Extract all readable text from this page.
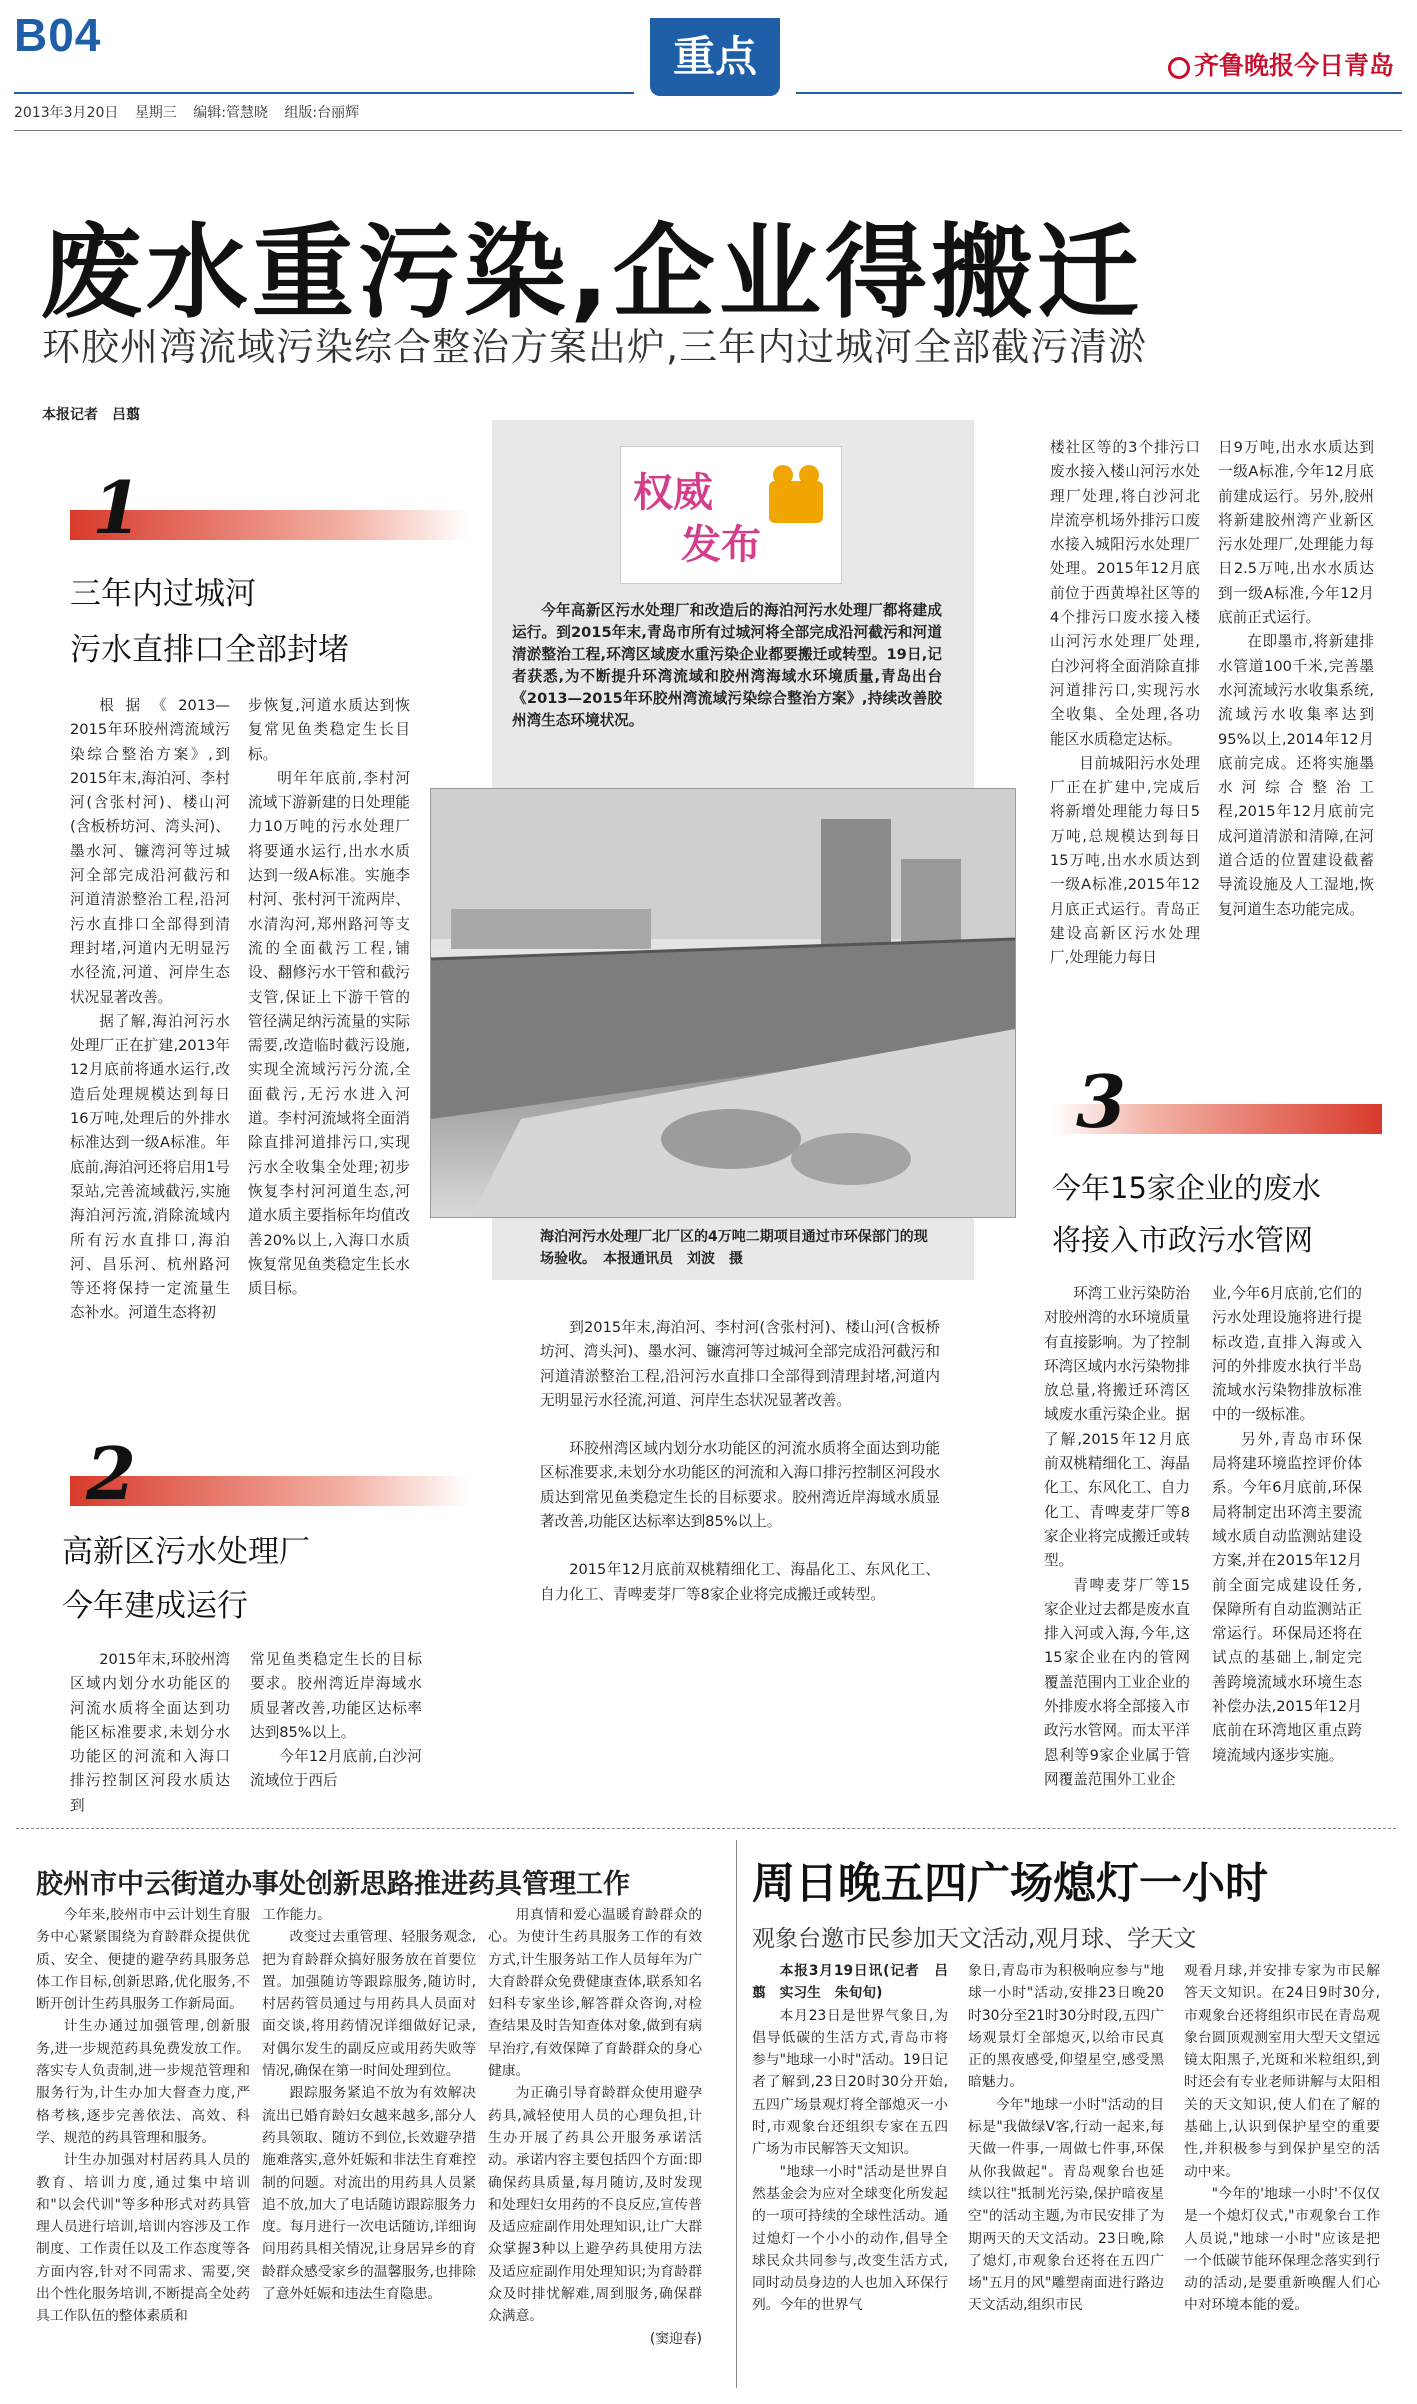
B04
2013年3月20日 星期三 编辑:管慧晓 组版:台丽辉
重点	齐鲁晚报今日青岛
废水重污染,企业得搬迁
环胶州湾流域污染综合整治方案出炉,三年内过城河全部截污清淤
本报记者　吕翦
1
三年内过城河
污水直排口全部封堵

根据《2013—2015年环胶州湾流域污染综合整治方案》,到2015年末,海泊河、李村河(含张村河)、楼山河(含板桥坊河、湾头河)、墨水河、镰湾河等过城河全部完成沿河截污和河道清淤整治工程,沿河污水直排口全部得到清理封堵,河道内无明显污水径流,河道、河岸生态状况显著改善。

据了解,海泊河污水处理厂正在扩建,2013年12月底前将通水运行,改造后处理规模达到每日16万吨,处理后的外排水标准达到一级A标准。年底前,海泊河还将启用1号泵站,完善流域截污,实施海泊河污流,消除流域内所有污水直排口,海泊河、昌乐河、杭州路河等还将保持一定流量生态补水。河道生态将初

步恢复,河道水质达到恢复常见鱼类稳定生长目标。

明年年底前,李村河流域下游新建的日处理能力10万吨的污水处理厂将要通水运行,出水水质达到一级A标准。实施李村河、张村河干流两岸、水清沟河,郑州路河等支流的全面截污工程,铺设、翻修污水干管和截污支管,保证上下游干管的管径满足纳污流量的实际需要,改造临时截污设施,实现全流域污污分流,全面截污,无污水进入河道。李村河流域将全面消除直排河道排污口,实现污水全收集全处理;初步恢复李村河河道生态,河道水质主要指标年均值改善20%以上,入海口水质恢复常见鱼类稳定生长水质目标。

2
高新区污水处理厂
今年建成运行

2015年末,环胶州湾区域内划分水功能区的河流水质将全面达到功能区标准要求,未划分水功能区的河流和入海口排污控制区河段水质达到

常见鱼类稳定生长的目标要求。胶州湾近岸海域水质显著改善,功能区达标率达到85%以上。

今年12月底前,白沙河流域位于西后

权威
发布

今年高新区污水处理厂和改造后的海泊河污水处理厂都将建成运行。到2015年末,青岛市所有过城河将全部完成沿河截污和河道清淤整治工程,环湾区域废水重污染企业都要搬迁或转型。19日,记者获悉,为不断提升环湾流域和胶州湾海域水环境质量,青岛出台《2013—2015年环胶州湾流域污染综合整治方案》,持续改善胶州湾生态环境状况。

海泊河污水处理厂北厂区的4万吨二期项目通过市环保部门的现场验收。　本报通讯员　刘波　摄

到2015年末,海泊河、李村河(含张村河)、楼山河(含板桥坊河、湾头河)、墨水河、镰湾河等过城河全部完成沿河截污和河道清淤整治工程,沿河污水直排口全部得到清理封堵,河道内无明显污水径流,河道、河岸生态状况显著改善。

环胶州湾区域内划分水功能区的河流水质将全面达到功能区标准要求,未划分水功能区的河流和入海口排污控制区河段水质达到常见鱼类稳定生长的目标要求。胶州湾近岸海域水质显著改善,功能区达标率达到85%以上。

2015年12月底前双桃精细化工、海晶化工、东风化工、自力化工、青啤麦芽厂等8家企业将完成搬迁或转型。

楼社区等的3个排污口废水接入楼山河污水处理厂处理,将白沙河北岸流亭机场外排污口废水接入城阳污水处理厂处理。2015年12月底前位于西黄埠社区等的4个排污口废水接入楼山河污水处理厂处理,白沙河将全面消除直排河道排污口,实现污水全收集、全处理,各功能区水质稳定达标。

目前城阳污水处理厂正在扩建中,完成后将新增处理能力每日5万吨,总规模达到每日15万吨,出水水质达到一级A标准,2015年12月底正式运行。青岛正建设高新区污水处理厂,处理能力每日

日9万吨,出水水质达到一级A标准,今年12月底前建成运行。另外,胶州将新建胶州湾产业新区污水处理厂,处理能力每日2.5万吨,出水水质达到一级A标准,今年12月底前正式运行。

在即墨市,将新建排水管道100千米,完善墨水河流域污水收集系统,流域污水收集率达到95%以上,2014年12月底前完成。还将实施墨水河综合整治工程,2015年12月底前完成河道清淤和清障,在河道合适的位置建设截蓄导流设施及人工湿地,恢复河道生态功能完成。

3
今年15家企业的废水
将接入市政污水管网

环湾工业污染防治对胶州湾的水环境质量有直接影响。为了控制环湾区域内水污染物排放总量,将搬迁环湾区域废水重污染企业。据了解,2015年12月底前双桃精细化工、海晶化工、东风化工、自力化工、青啤麦芽厂等8家企业将完成搬迁或转型。

青啤麦芽厂等15家企业过去都是废水直排入河或入海,今年,这15家企业在内的管网覆盖范围内工业企业的外排废水将全部接入市政污水管网。而太平洋恩利等9家企业属于管网覆盖范围外工业企

业,今年6月底前,它们的污水处理设施将进行提标改造,直排入海或入河的外排废水执行半岛流域水污染物排放标准中的一级标准。

另外,青岛市环保局将建环境监控评价体系。今年6月底前,环保局将制定出环湾主要流域水质自动监测站建设方案,并在2015年12月前全面完成建设任务,保障所有自动监测站正常运行。环保局还将在试点的基础上,制定完善跨境流域水环境生态补偿办法,2015年12月底前在环湾地区重点跨境流域内逐步实施。

胶州市中云街道办事处创新思路推进药具管理工作

今年来,胶州市中云计划生育服务中心紧紧围绕为育龄群众提供优质、安全、便捷的避孕药具服务总体工作目标,创新思路,优化服务,不断开创计生药具服务工作新局面。

计生办通过加强管理,创新服务,进一步规范药具免费发放工作。落实专人负责制,进一步规范管理和服务行为,计生办加大督查力度,严格考核,逐步完善依法、高效、科学、规范的药具管理和服务。

计生办加强对村居药具人员的教育、培训力度,通过集中培训和"以会代训"等多种形式对药具管理人员进行培训,培训内容涉及工作制度、工作责任以及工作态度等各方面内容,针对不同需求、需要,突出个性化服务培训,不断提高全处药具工作队伍的整体素质和

工作能力。

改变过去重管理、轻服务观念,把为育龄群众搞好服务放在首要位置。加强随访等跟踪服务,随访时,村居药管员通过与用药具人员面对面交谈,将用药情况详细做好记录,对偶尔发生的副反应或用药失败等情况,确保在第一时间处理到位。

跟踪服务紧追不放为有效解决流出已婚育龄妇女越来越多,部分人药具领取、随访不到位,长效避孕措施难落实,意外妊娠和非法生育难控制的问题。对流出的用药具人员紧追不放,加大了电话随访跟踪服务力度。每月进行一次电话随访,详细询问用药具相关情况,让身居异乡的育龄群众感受家乡的温馨服务,也排除了意外妊娠和违法生育隐患。

用真情和爱心温暖育龄群众的心。为使计生药具服务工作的有效方式,计生服务站工作人员每年为广大育龄群众免费健康查体,联系知名妇科专家坐诊,解答群众咨询,对检查结果及时告知查体对象,做到有病早治疗,有效保障了育龄群众的身心健康。

为正确引导育龄群众使用避孕药具,减轻使用人员的心理负担,计生办开展了药具公开服务承诺活动。承诺内容主要包括四个方面:即确保药具质量,每月随访,及时发现和处理妇女用药的不良反应,宣传普及适应症副作用处理知识,让广大群众掌握3种以上避孕药具使用方法及适应症副作用处理知识;为育龄群众及时排忧解难,周到服务,确保群众满意。

(窦迎春)

周日晚五四广场熄灯一小时
观象台邀市民参加天文活动,观月球、学天文

本报3月19日讯(记者　吕翦　实习生　朱旬旬)

本月23日是世界气象日,为倡导低碳的生活方式,青岛市将参与"地球一小时"活动。19日记者了解到,23日20时30分开始,五四广场景观灯将全部熄灭一小时,市观象台还组织专家在五四广场为市民解答天文知识。

"地球一小时"活动是世界自然基金会为应对全球变化所发起的一项可持续的全球性活动。通过熄灯一个小小的动作,倡导全球民众共同参与,改变生活方式,同时动员身边的人也加入环保行列。今年的世界气

象日,青岛市为积极响应参与"地球一小时"活动,安排23日晚20时30分至21时30分时段,五四广场观景灯全部熄灭,以给市民真正的黑夜感受,仰望星空,感受黑暗魅力。

今年"地球一小时"活动的目标是"我做绿V客,行动一起来,每天做一件事,一周做七件事,环保从你我做起"。青岛观象台也延续以往"抵制光污染,保护暗夜星空"的活动主题,为市民安排了为期两天的天文活动。23日晚,除了熄灯,市观象台还将在五四广场"五月的风"雕塑南面进行路边天文活动,组织市民

观看月球,并安排专家为市民解答天文知识。在24日9时30分,市观象台还将组织市民在青岛观象台圆顶观测室用大型天文望远镜太阳黑子,光斑和米粒组织,到时还会有专业老师讲解与太阳相关的天文知识,使人们在了解的基础上,认识到保护星空的重要性,并积极参与到保护星空的活动中来。

"今年的'地球一小时'不仅仅是一个熄灯仪式,"市观象台工作人员说,"地球一小时"应该是把一个低碳节能环保理念落实到行动的活动,是要重新唤醒人们心中对环境本能的爱。
